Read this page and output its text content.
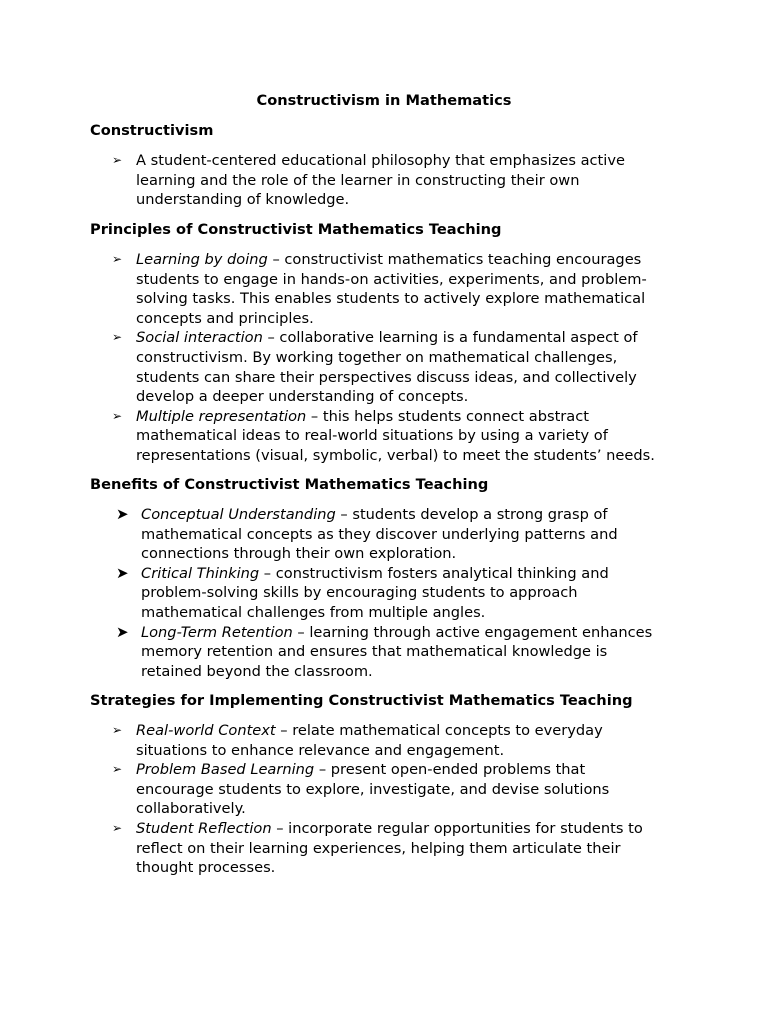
Constructivism in Mathematics
Constructivism
➢ A student-centered educational philosophy that emphasizes active
learning and the role of the learner in constructing their own
understanding of knowledge.
Principles of Constructivist Mathematics Teaching
➢ Learning by doing – constructivist mathematics teaching encourages
students to engage in hands-on activities, experiments, and problem-
solving tasks. This enables students to actively explore mathematical
concepts and principles.
➢ Social interaction – collaborative learning is a fundamental aspect of
constructivism. By working together on mathematical challenges,
students can share their perspectives discuss ideas, and collectively
develop a deeper understanding of concepts.
➢ Multiple representation – this helps students connect abstract
mathematical ideas to real-world situations by using a variety of
representations (visual, symbolic, verbal) to meet the students’ needs.
Benefits of Constructivist Mathematics Teaching
➤ Conceptual Understanding – students develop a strong grasp of
mathematical concepts as they discover underlying patterns and
connections through their own exploration.
➤ Critical Thinking – constructivism fosters analytical thinking and
problem-solving skills by encouraging students to approach
mathematical challenges from multiple angles.
➤ Long-Term Retention – learning through active engagement enhances
memory retention and ensures that mathematical knowledge is
retained beyond the classroom.
Strategies for Implementing Constructivist Mathematics Teaching
➢ Real-world Context – relate mathematical concepts to everyday
situations to enhance relevance and engagement.
➢ Problem Based Learning – present open-ended problems that
encourage students to explore, investigate, and devise solutions
collaboratively.
➢ Student Reflection – incorporate regular opportunities for students to
reflect on their learning experiences, helping them articulate their
thought processes.
